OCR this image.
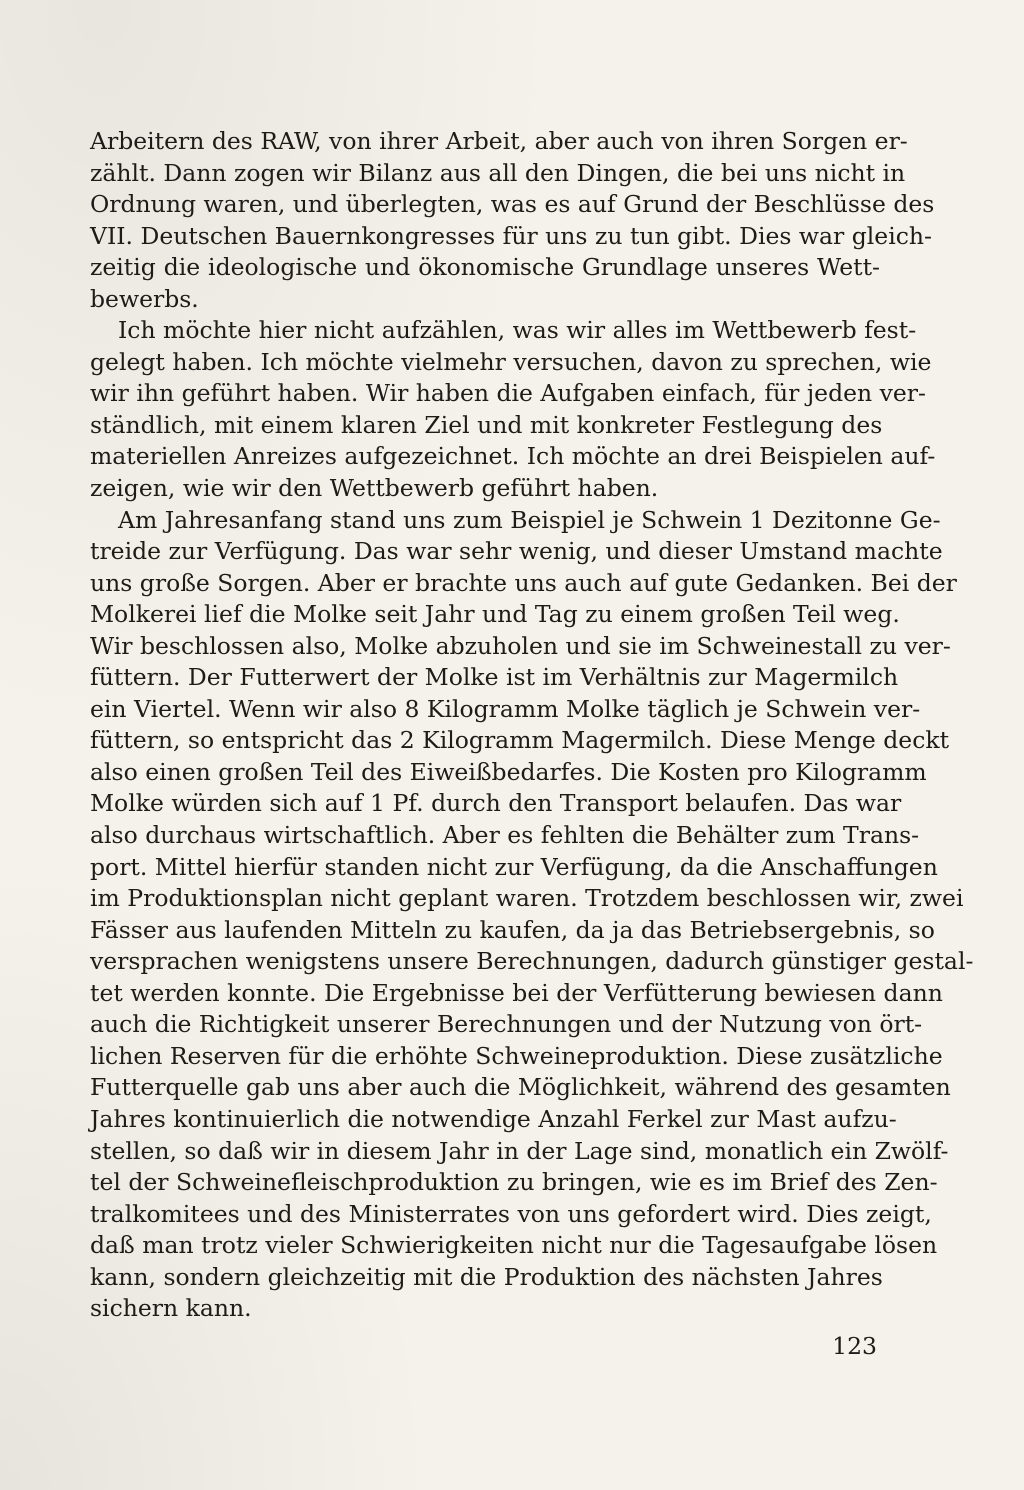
Arbeitern des RAW, von ihrer Arbeit, aber auch von ihren Sorgen er-
zählt. Dann zogen wir Bilanz aus all den Dingen, die bei uns nicht in
Ordnung waren, und überlegten, was es auf Grund der Beschlüsse des
VII. Deutschen Bauernkongresses für uns zu tun gibt. Dies war gleich-
zeitig die ideologische und ökonomische Grundlage unseres Wett-
bewerbs.
Ich möchte hier nicht aufzählen, was wir alles im Wettbewerb fest-
gelegt haben. Ich möchte vielmehr versuchen, davon zu sprechen, wie
wir ihn geführt haben. Wir haben die Aufgaben einfach, für jeden ver-
ständlich, mit einem klaren Ziel und mit konkreter Festlegung des
materiellen Anreizes aufgezeichnet. Ich möchte an drei Beispielen auf-
zeigen, wie wir den Wettbewerb geführt haben.
Am Jahresanfang stand uns zum Beispiel je Schwein 1 Dezitonne Ge-
treide zur Verfügung. Das war sehr wenig, und dieser Umstand machte
uns große Sorgen. Aber er brachte uns auch auf gute Gedanken. Bei der
Molkerei lief die Molke seit Jahr und Tag zu einem großen Teil weg.
Wir beschlossen also, Molke abzuholen und sie im Schweinestall zu ver-
füttern. Der Futterwert der Molke ist im Verhältnis zur Magermilch
ein Viertel. Wenn wir also 8 Kilogramm Molke täglich je Schwein ver-
füttern, so entspricht das 2 Kilogramm Magermilch. Diese Menge deckt
also einen großen Teil des Eiweißbedarfes. Die Kosten pro Kilogramm
Molke würden sich auf 1 Pf. durch den Transport belaufen. Das war
also durchaus wirtschaftlich. Aber es fehlten die Behälter zum Trans-
port. Mittel hierfür standen nicht zur Verfügung, da die Anschaffungen
im Produktionsplan nicht geplant waren. Trotzdem beschlossen wir, zwei
Fässer aus laufenden Mitteln zu kaufen, da ja das Betriebsergebnis, so
versprachen wenigstens unsere Berechnungen, dadurch günstiger gestal-
tet werden konnte. Die Ergebnisse bei der Verfütterung bewiesen dann
auch die Richtigkeit unserer Berechnungen und der Nutzung von ört-
lichen Reserven für die erhöhte Schweineproduktion. Diese zusätzliche
Futterquelle gab uns aber auch die Möglichkeit, während des gesamten
Jahres kontinuierlich die notwendige Anzahl Ferkel zur Mast aufzu-
stellen, so daß wir in diesem Jahr in der Lage sind, monatlich ein Zwölf-
tel der Schweinefleischproduktion zu bringen, wie es im Brief des Zen-
tralkomitees und des Ministerrates von uns gefordert wird. Dies zeigt,
daß man trotz vieler Schwierigkeiten nicht nur die Tagesaufgabe lösen
kann, sondern gleichzeitig mit die Produktion des nächsten Jahres
sichern kann.
123
